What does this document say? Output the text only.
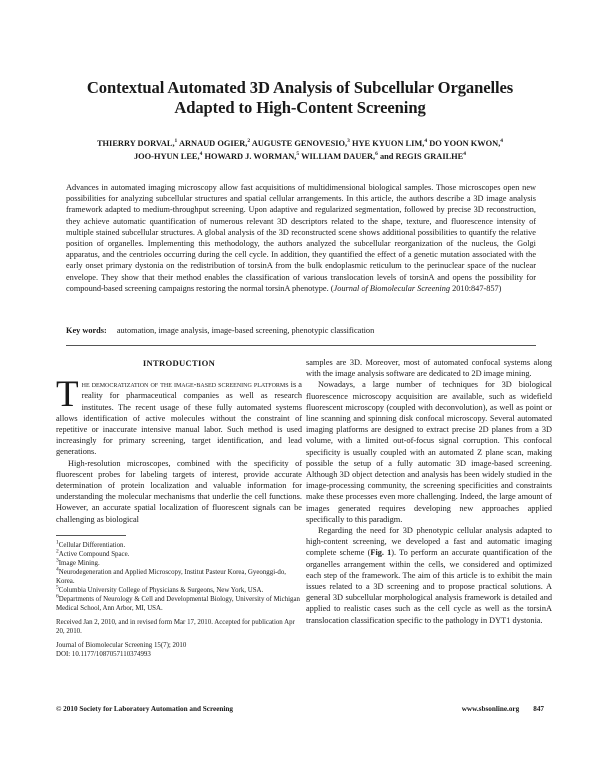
Contextual Automated 3D Analysis of Subcellular Organelles
Adapted to High-Content Screening
THIERRY DORVAL,$^1$ ARNAUD OGIER,$^2$ AUGUSTE GENOVESIO,$^3$ HYE KYUON LIM,$^4$ DO YOON KWON,$^4$
JOO-HYUN LEE,$^4$ HOWARD J. WORMAN,$^5$ WILLIAM DAUER,$^6$ and REGIS GRAILHE$^4$
Advances in automated imaging microscopy allow fast acquisitions of multidimensional biological samples. Those microscopes open new possibilities for analyzing subcellular structures and spatial cellular arrangements. In this article, the authors describe a 3D image analysis framework adapted to medium-throughput screening. Upon adaptive and regularized segmentation, followed by precise 3D reconstruction, they achieve automatic quantification of numerous relevant 3D descriptors related to the shape, texture, and fluorescence intensity of multiple stained subcellular structures. A global analysis of the 3D reconstructed scene shows additional possibilities to quantify the relative position of organelles. Implementing this methodology, the authors analyzed the subcellular reorganization of the nucleus, the Golgi apparatus, and the centrioles occurring during the cell cycle. In addition, they quantified the effect of a genetic mutation associated with the early onset primary dystonia on the redistribution of torsinA from the bulk endoplasmic reticulum to the perinuclear space of the nuclear envelope. They show that their method enables the classification of various translocation levels of torsinA and opens the possibility for compound-based screening campaigns restoring the normal torsinA phenotype. (Journal of Biomolecular Screening 2010:847-857)
Key words: automation, image analysis, image-based screening, phenotypic classification
INTRODUCTION

The democratization of the image-based screening platforms is a reality for pharmaceutical companies as well as research institutes. The recent usage of these fully automated systems allows identification of active molecules without the constraint of repetitive or inaccurate intensive manual labor. Such method is used increasingly for primary screening, target identification, and lead generations.

High-resolution microscopes, combined with the specificity of fluorescent probes for labeling targets of interest, provide accurate determination of protein localization and valuable information for understanding the molecular mechanisms that underlie the cell functions. However, an accurate spatial localization of fluorescent signals can be challenging as biological

$^1$Cellular Differentiation.

$^2$Active Compound Space.

$^3$Image Mining.

$^4$Neurodegeneration and Applied Microscopy, Institut Pasteur Korea, Gyeonggi-do, Korea.

$^5$Columbia University College of Physicians & Surgeons, New York, USA.

$^6$Departments of Neurology & Cell and Developmental Biology, University of Michigan Medical School, Ann Arbor, MI, USA.

Received Jan 2, 2010, and in revised form Mar 17, 2010. Accepted for publication Apr 20, 2010.

Journal of Biomolecular Screening 15(7); 2010
DOI: 10.1177/1087057110374993

samples are 3D. Moreover, most of automated confocal systems along with the image analysis software are dedicated to 2D image mining.

Nowadays, a large number of techniques for 3D biological fluorescence microscopy acquisition are available, such as widefield fluorescent microscopy (coupled with deconvolution), as well as point or line scanning and spinning disk confocal microscopy. Several automated imaging platforms are designed to extract precise 2D planes from a 3D volume, with a limited out-of-focus signal corruption. This confocal specificity is usually coupled with an automated Z plane scan, making possible the setup of a fully automatic 3D image-based screening. Although 3D object detection and analysis has been widely studied in the image-processing community, the screening specificities and constraints make these processes even more challenging. Indeed, the large amount of images generated requires developing new approaches applied specifically to this paradigm.

Regarding the need for 3D phenotypic cellular analysis adapted to high-content screening, we developed a fast and automatic imaging complete scheme (Fig. 1). To perform an accurate quantification of the organelles arrangement within the cells, we considered and optimized each step of the framework. The aim of this article is to exhibit the main issues related to a 3D screening and to propose practical solutions. A general 3D subcellular morphological analysis framework is detailed and applied to realistic cases such as the cell cycle as well as the torsinA translocation classification specific to the pathology in DYT1 dystonia.

© 2010 Society for Laboratory Automation and Screening	www.sbsonline.org 847
